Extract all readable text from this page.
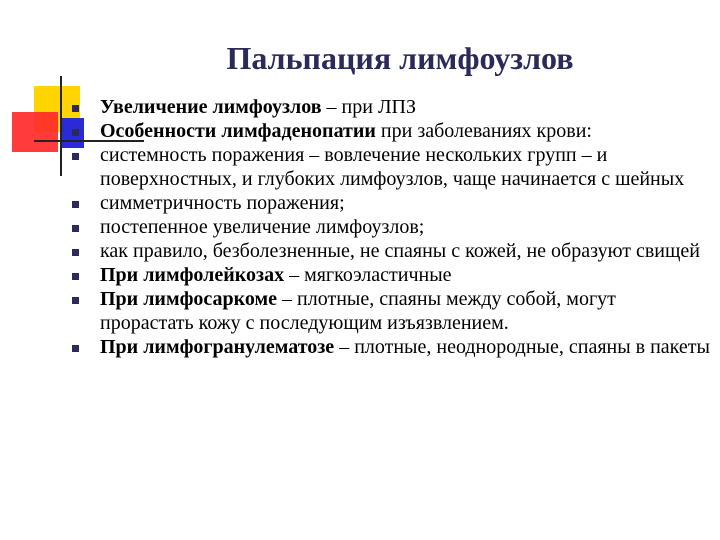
Пальпация лимфоузлов
Увеличение лимфоузлов – при ЛПЗ
Особенности лимфаденопатии при заболеваниях крови:
системность поражения – вовлечение нескольких групп – и поверхностных, и глубоких лимфоузлов, чаще начинается с шейных
симметричность поражения;
постепенное увеличение лимфоузлов;
как правило, безболезненные, не спаяны с кожей, не образуют свищей
При лимфолейкозах – мягкоэластичные
При лимфосаркоме – плотные, спаяны между собой, могут прорастать кожу с последующим изъязвлением.
При лимфогранулематозе – плотные, неоднородные, спаяны в пакеты
